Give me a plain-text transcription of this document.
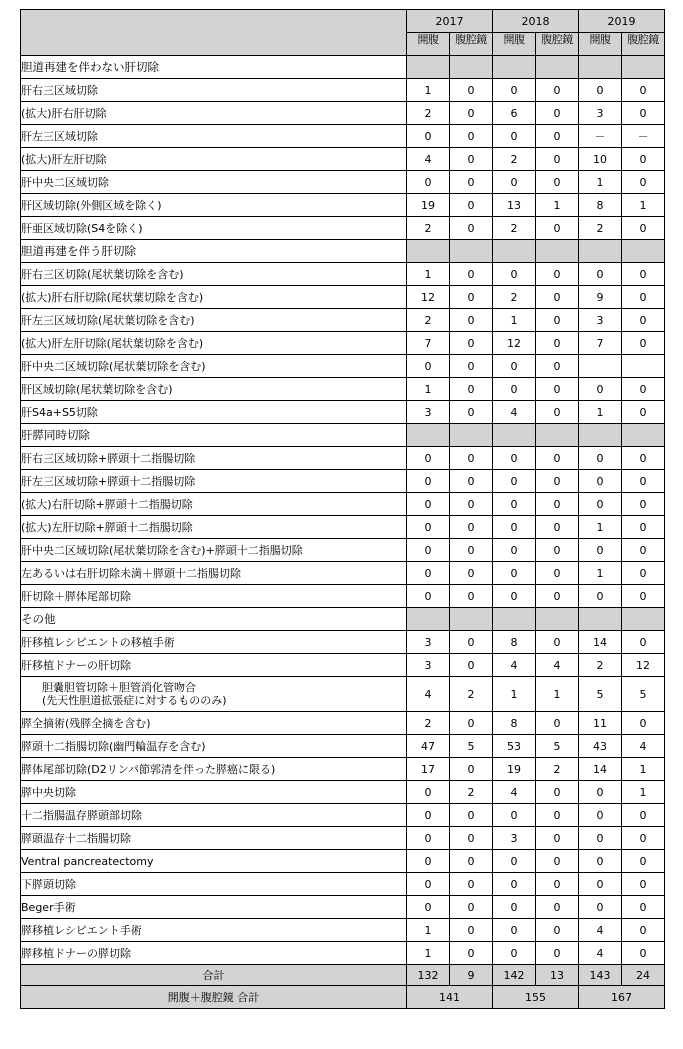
	2017		2018		2019	
	開腹	腹腔鏡	開腹	腹腔鏡	開腹	腹腔鏡
胆道再建を伴わない肝切除						
肝右三区域切除	1	0	0	0	0	0
(拡大)肝右肝切除	2	0	6	0	3	0
肝左三区域切除	0	0	0	0	－	－
(拡大)肝左肝切除	4	0	2	0	10	0
肝中央二区域切除	0	0	0	0	1	0
肝区域切除(外側区域を除く)	19	0	13	1	8	1
肝亜区域切除(S4を除く)	2	0	2	0	2	0
胆道再建を伴う肝切除						
肝右三区切除(尾状葉切除を含む)	1	0	0	0	0	0
(拡大)肝右肝切除(尾状葉切除を含む)	12	0	2	0	9	0
肝左三区域切除(尾状葉切除を含む)	2	0	1	0	3	0
(拡大)肝左肝切除(尾状葉切除を含む)	7	0	12	0	7	0
肝中央二区域切除(尾状葉切除を含む)	0	0	0	0		
肝区域切除(尾状葉切除を含む)	1	0	0	0	0	0
肝S4a+S5切除	3	0	4	0	1	0
肝膵同時切除						
肝右三区域切除+膵頭十二指腸切除	0	0	0	0	0	0
肝左三区域切除+膵頭十二指腸切除	0	0	0	0	0	0
(拡大)右肝切除+膵頭十二指腸切除	0	0	0	0	0	0
(拡大)左肝切除+膵頭十二指腸切除	0	0	0	0	1	0
肝中央二区域切除(尾状葉切除を含む)+膵頭十二指腸切除	0	0	0	0	0	0
左あるいは右肝切除未満＋膵頭十二指腸切除	0	0	0	0	1	0
肝切除＋膵体尾部切除	0	0	0	0	0	0
その他						
肝移植レシピエントの移植手術	3	0	8	0	14	0
肝移植ドナーの肝切除	3	0	4	4	2	12

胆嚢胆管切除＋胆管消化管吻合
(先天性胆道拡張症に対するもののみ)	4	2	1	1	5	5
膵全摘術(残膵全摘を含む)	2	0	8	0	11	0
膵頭十二指腸切除(幽門輪温存を含む)	47	5	53	5	43	4
膵体尾部切除(D2リンパ節郭清を伴った膵癌に限る)	17	0	19	2	14	1
膵中央切除	0	2	4	0	0	1
十二指腸温存膵頭部切除	0	0	0	0	0	0
膵頭温存十二指腸切除	0	0	3	0	0	0
Ventral pancreatectomy	0	0	0	0	0	0
下膵頭切除	0	0	0	0	0	0
Beger手術	0	0	0	0	0	0
膵移植レシピエント手術	1	0	0	0	4	0
膵移植ドナーの膵切除	1	0	0	0	4	0
合計	132	9	142	13	143	24
開腹＋腹腔鏡 合計	141		155		167	
